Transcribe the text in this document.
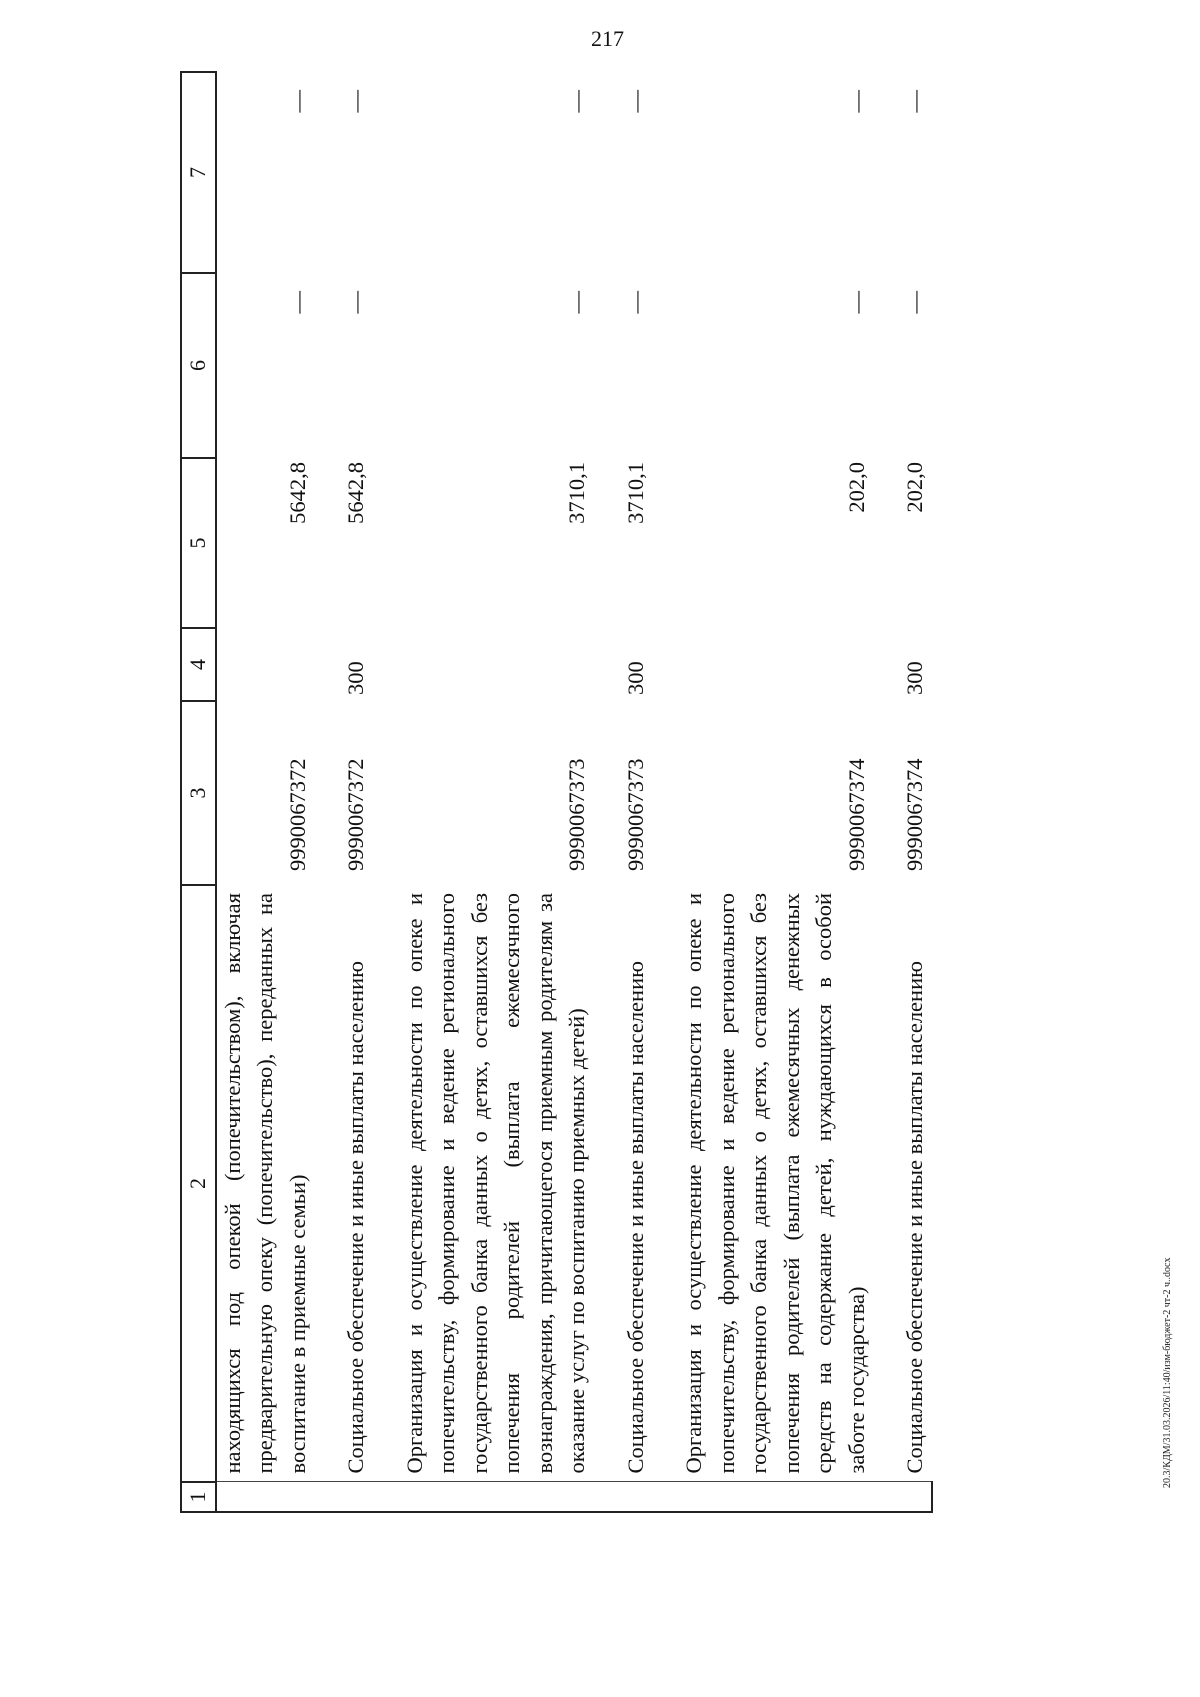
217
20.3/КДМ/31.03.2026/11:40/изм-бюджет-2 чт-2 ч..docx
1	2	3	4	5	6	7
	находящихся под опекой (попечительством), включая предварительную опеку (попечительство), переданных на воспитание в приемные семьи)	9990067372		5642,8	—	—

	Социальное обеспечение и иные выплаты населению	9990067372	300	5642,8	—	—

	Организация и осуществление деятельности по опеке и попечительству, формирование и ведение регионального государственного банка данных о детях, оставшихся без попечения родителей (выплата ежемесячного вознаграждения, причитающегося приемным родителям за оказание услуг по воспитанию приемных детей)	9990067373		3710,1	—	—

	Социальное обеспечение и иные выплаты населению	9990067373	300	3710,1	—	—

	Организация и осуществление деятельности по опеке и попечительству, формирование и ведение регионального государственного банка данных о детях, оставшихся без попечения родителей (выплата ежемесячных денежных средств на содержание детей, нуждающихся в особой заботе государства)	9990067374		202,0	—	—

	Социальное обеспечение и иные выплаты населению	9990067374	300	202,0	—	—
